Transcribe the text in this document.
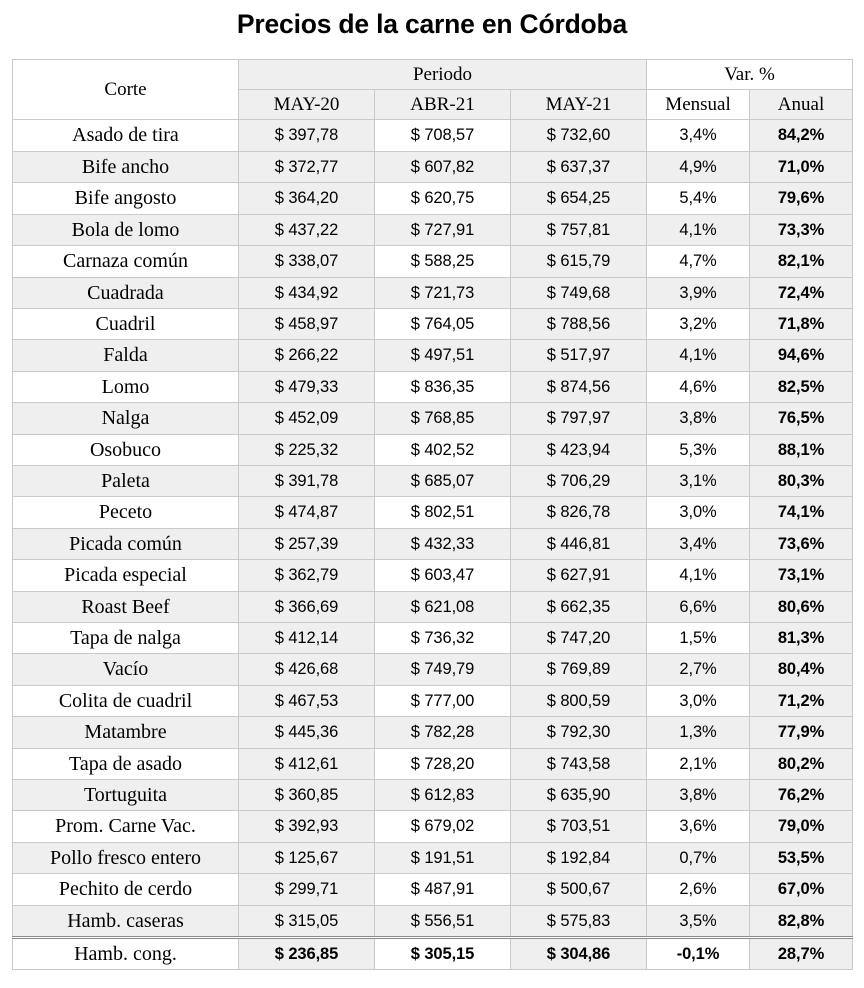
Precios de la carne en Córdoba
Corte	Periodo			Var. %	
	MAY-20	ABR-21	MAY-21	Mensual	Anual
Asado de tira	$ 397,78	$ 708,57	$ 732,60	3,4%	84,2%
Bife ancho	$ 372,77	$ 607,82	$ 637,37	4,9%	71,0%
Bife angosto	$ 364,20	$ 620,75	$ 654,25	5,4%	79,6%
Bola de lomo	$ 437,22	$ 727,91	$ 757,81	4,1%	73,3%
Carnaza común	$ 338,07	$ 588,25	$ 615,79	4,7%	82,1%
Cuadrada	$ 434,92	$ 721,73	$ 749,68	3,9%	72,4%
Cuadril	$ 458,97	$ 764,05	$ 788,56	3,2%	71,8%
Falda	$ 266,22	$ 497,51	$ 517,97	4,1%	94,6%
Lomo	$ 479,33	$ 836,35	$ 874,56	4,6%	82,5%
Nalga	$ 452,09	$ 768,85	$ 797,97	3,8%	76,5%
Osobuco	$ 225,32	$ 402,52	$ 423,94	5,3%	88,1%
Paleta	$ 391,78	$ 685,07	$ 706,29	3,1%	80,3%
Peceto	$ 474,87	$ 802,51	$ 826,78	3,0%	74,1%
Picada común	$ 257,39	$ 432,33	$ 446,81	3,4%	73,6%
Picada especial	$ 362,79	$ 603,47	$ 627,91	4,1%	73,1%
Roast Beef	$ 366,69	$ 621,08	$ 662,35	6,6%	80,6%
Tapa de nalga	$ 412,14	$ 736,32	$ 747,20	1,5%	81,3%
Vacío	$ 426,68	$ 749,79	$ 769,89	2,7%	80,4%
Colita de cuadril	$ 467,53	$ 777,00	$ 800,59	3,0%	71,2%
Matambre	$ 445,36	$ 782,28	$ 792,30	1,3%	77,9%
Tapa de asado	$ 412,61	$ 728,20	$ 743,58	2,1%	80,2%
Tortuguita	$ 360,85	$ 612,83	$ 635,90	3,8%	76,2%
Prom. Carne Vac.	$ 392,93	$ 679,02	$ 703,51	3,6%	79,0%
Pollo fresco entero	$ 125,67	$ 191,51	$ 192,84	0,7%	53,5%
Pechito de cerdo	$ 299,71	$ 487,91	$ 500,67	2,6%	67,0%
Hamb. caseras	$ 315,05	$ 556,51	$ 575,83	3,5%	82,8%
Hamb. cong.	$ 236,85	$ 305,15	$ 304,86	-0,1%	28,7%
